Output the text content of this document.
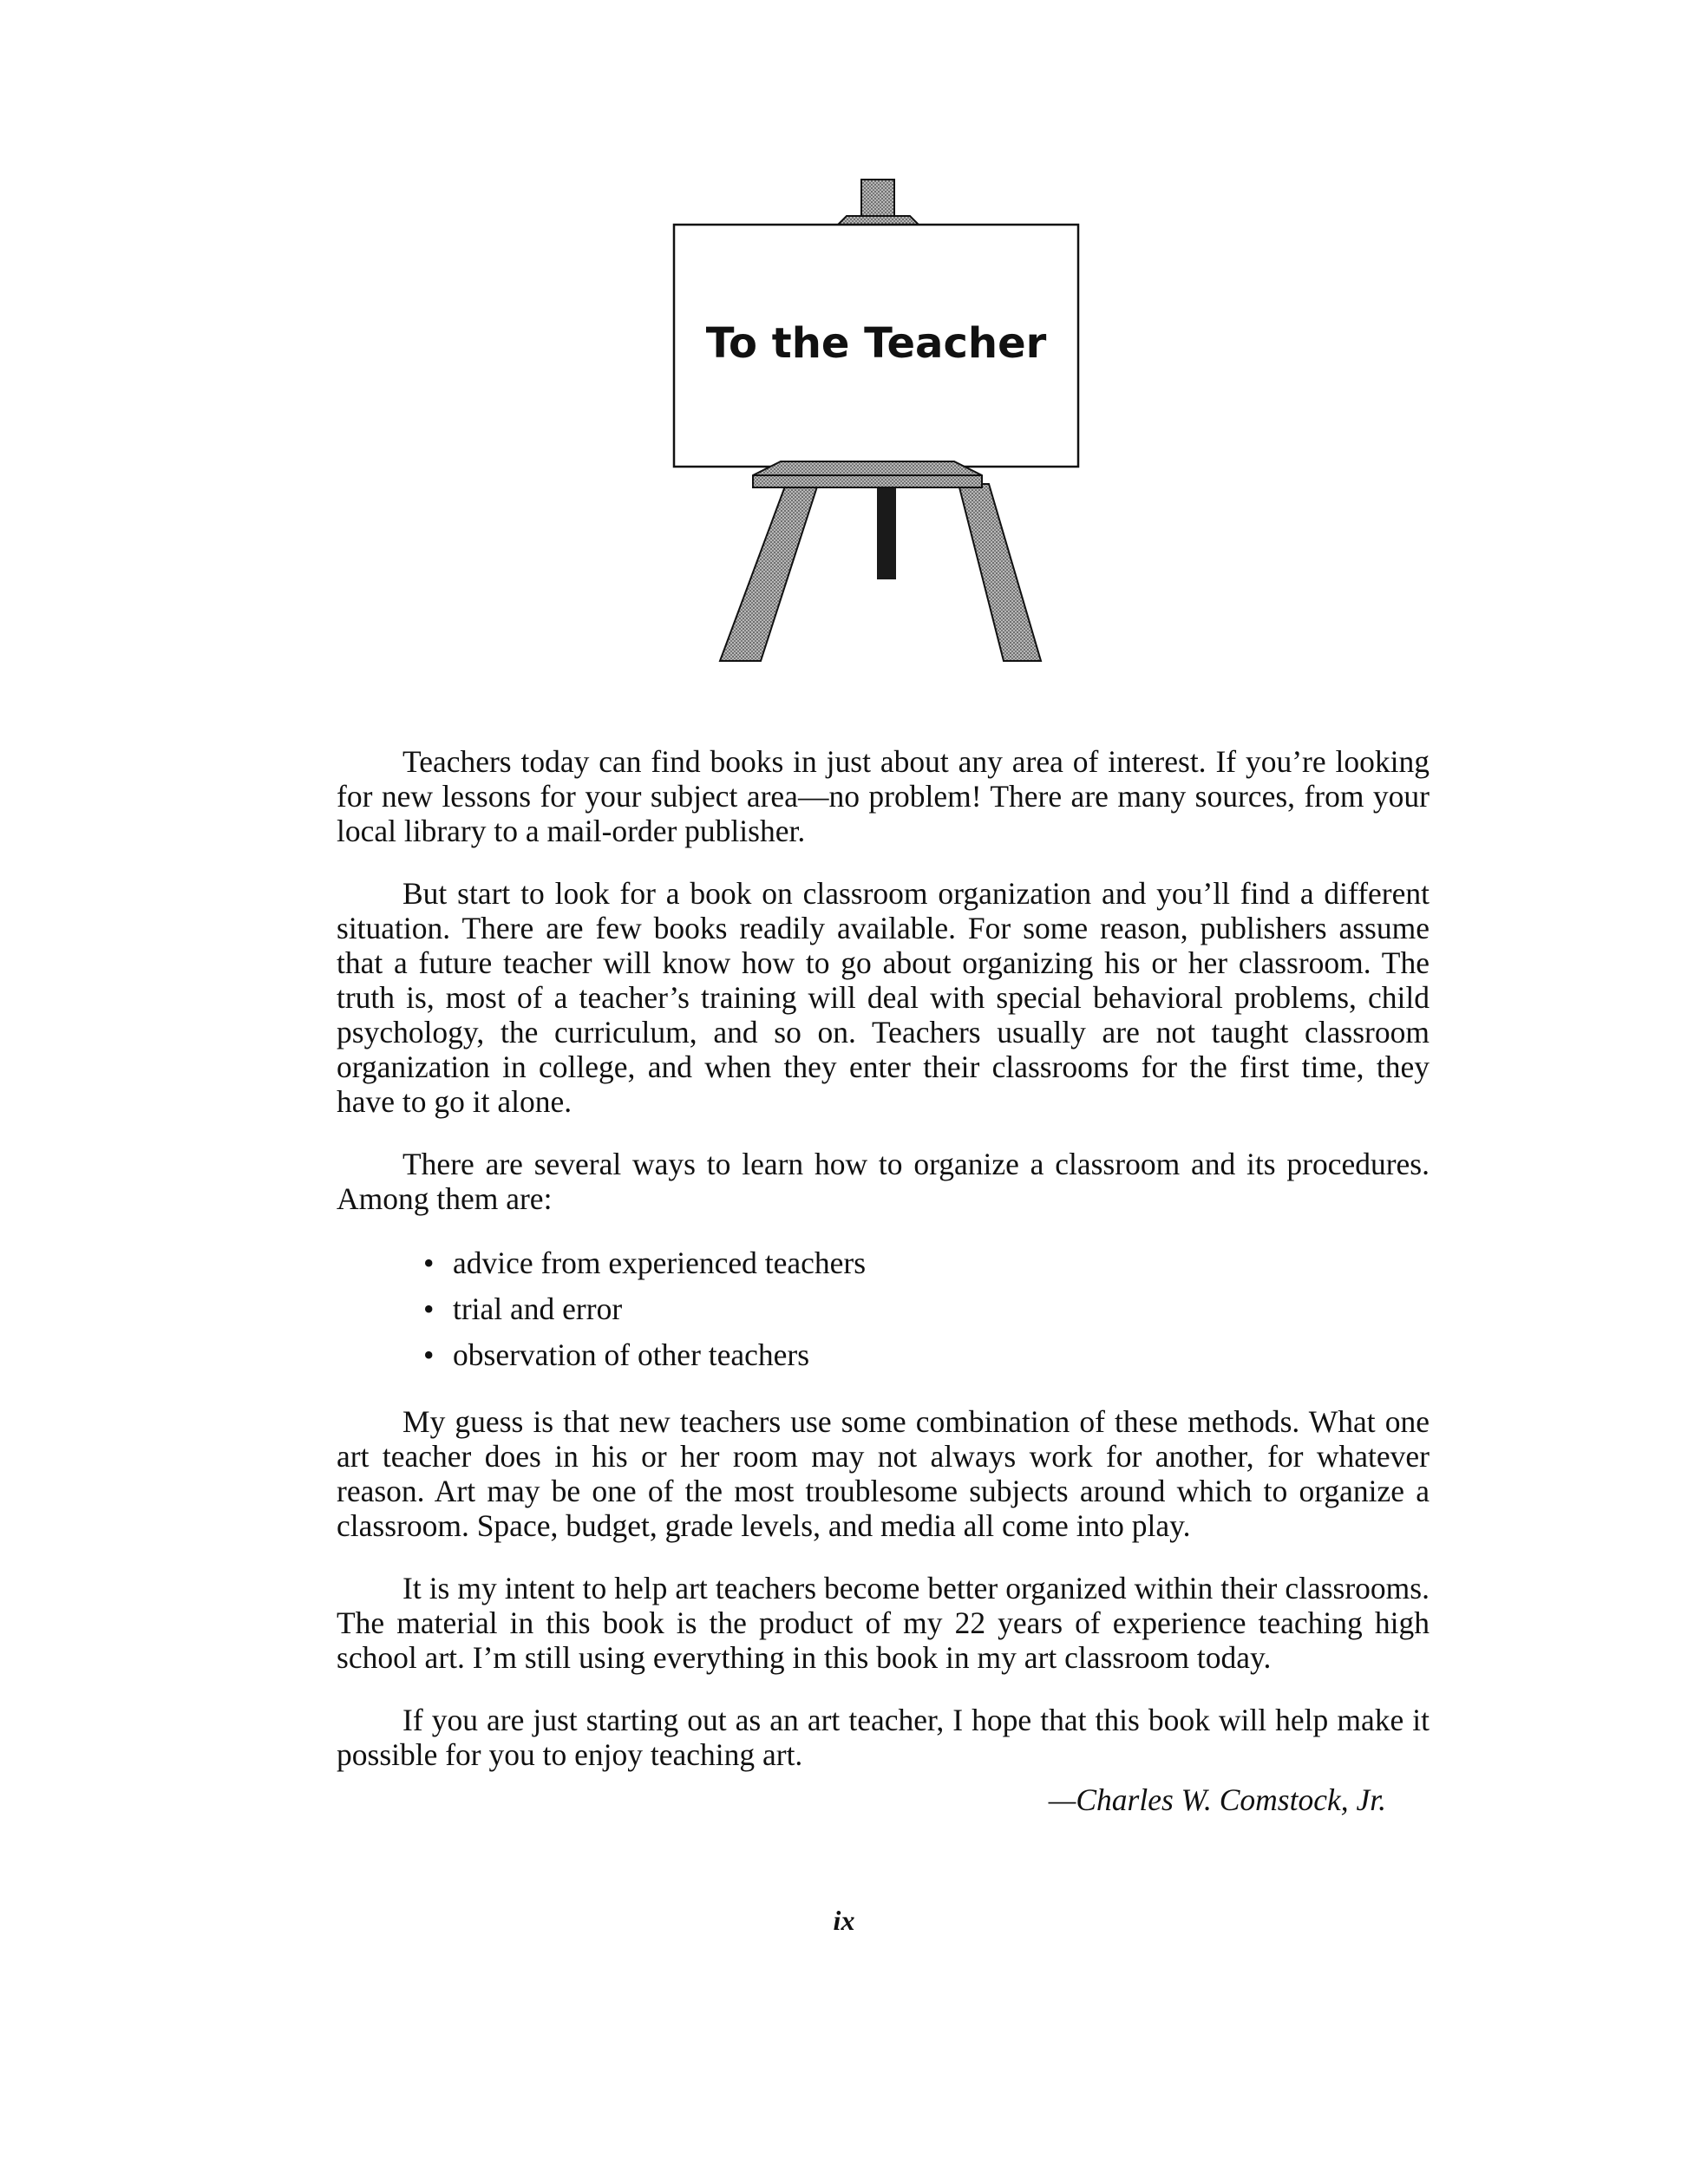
To the Teacher

Teachers today can find books in just about any area of interest. If you’re looking for new lessons for your subject area—no problem! There are many sources, from your local library to a mail-order publisher.

But start to look for a book on classroom organization and you’ll find a different situation. There are few books readily available. For some reason, publishers assume that a future teacher will know how to go about organizing his or her classroom. The truth is, most of a teacher’s training will deal with special behavioral problems, child psychology, the curriculum, and so on. Teachers usually are not taught classroom organization in college, and when they enter their classrooms for the first time, they have to go it alone.

There are several ways to learn how to organize a classroom and its procedures. Among them are:

• advice from experienced teachers
• trial and error
• observation of other teachers

My guess is that new teachers use some combination of these methods. What one art teacher does in his or her room may not always work for another, for whatever reason. Art may be one of the most troublesome subjects around which to organize a classroom. Space, budget, grade levels, and media all come into play.

It is my intent to help art teachers become better organized within their classrooms. The material in this book is the product of my 22 years of experience teaching high school art. I’m still using everything in this book in my art classroom today.

If you are just starting out as an art teacher, I hope that this book will help make it possible for you to enjoy teaching art.

—Charles W. Comstock, Jr.
ix
